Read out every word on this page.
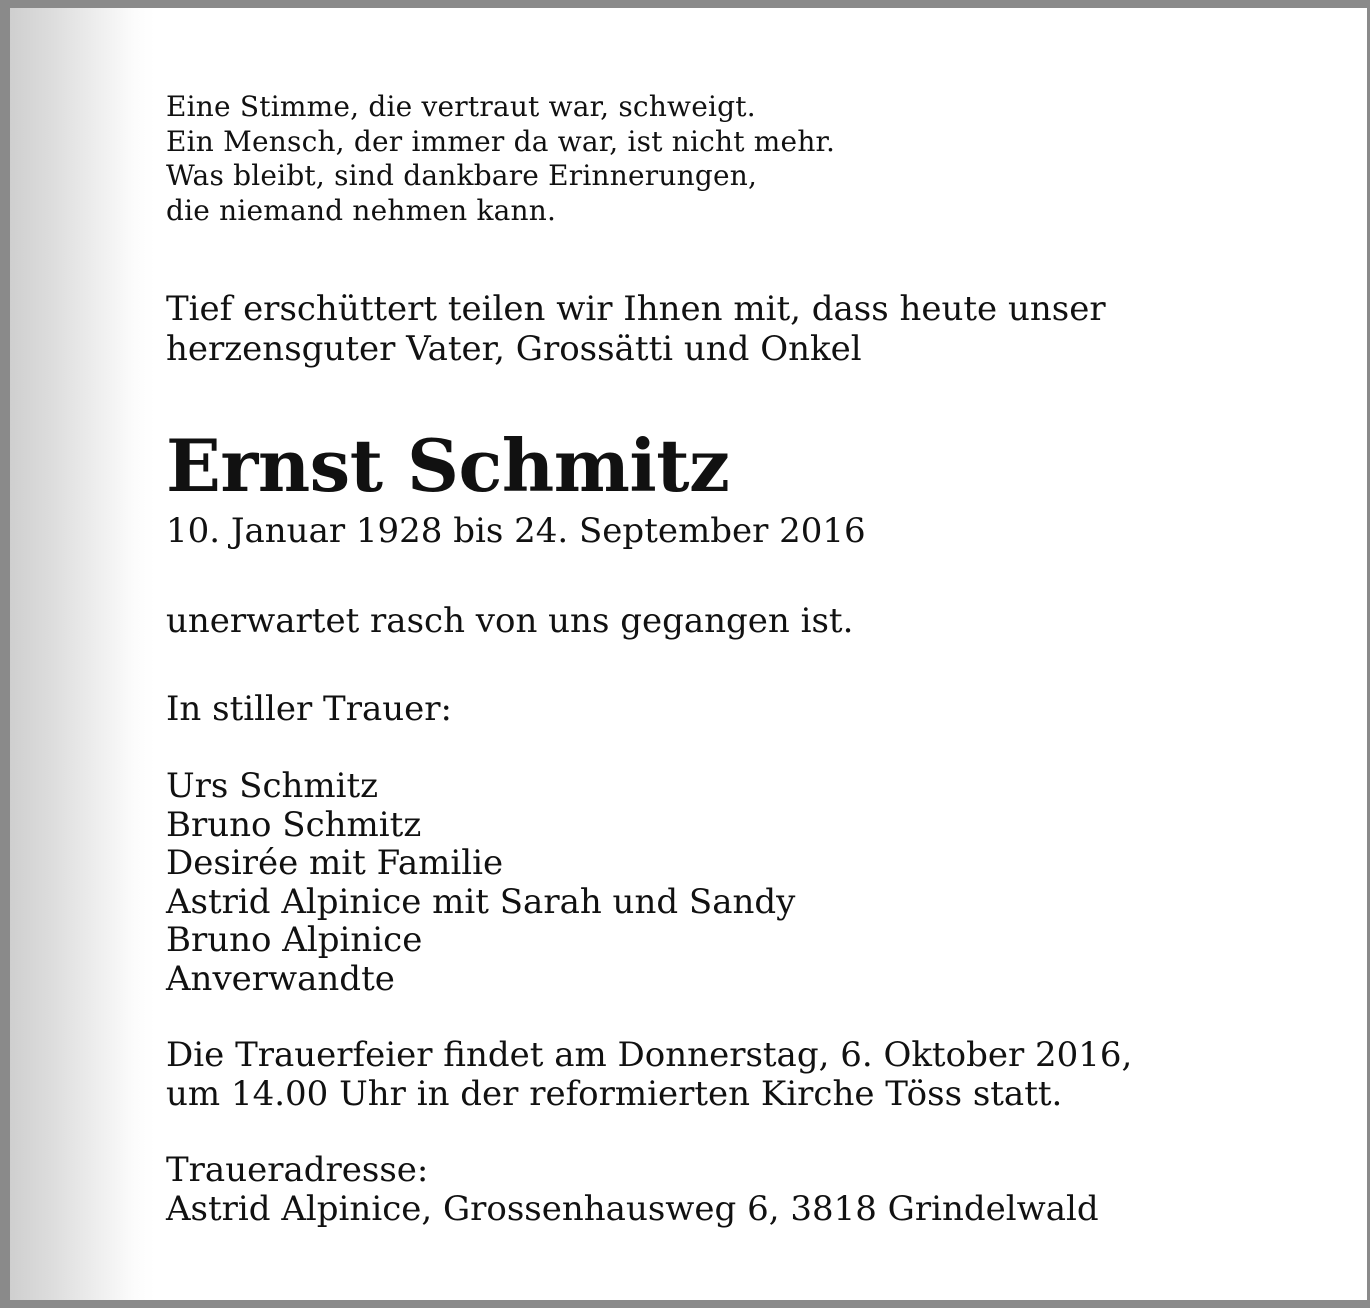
Eine Stimme, die vertraut war, schweigt.
Ein Mensch, der immer da war, ist nicht mehr.
Was bleibt, sind dankbare Erinnerungen,
die niemand nehmen kann.
Tief erschüttert teilen wir Ihnen mit, dass heute unser
herzensguter Vater, Grossätti und Onkel
Ernst Schmitz
10. Januar 1928 bis 24. September 2016
unerwartet rasch von uns gegangen ist.
In stiller Trauer:
Urs Schmitz
Bruno Schmitz
Desirée mit Familie
Astrid Alpinice mit Sarah und Sandy
Bruno Alpinice
Anverwandte
Die Trauerfeier findet am Donnerstag, 6. Oktober 2016,
um 14.00 Uhr in der reformierten Kirche Töss statt.
Traueradresse:
Astrid Alpinice, Grossenhausweg 6, 3818 Grindelwald
